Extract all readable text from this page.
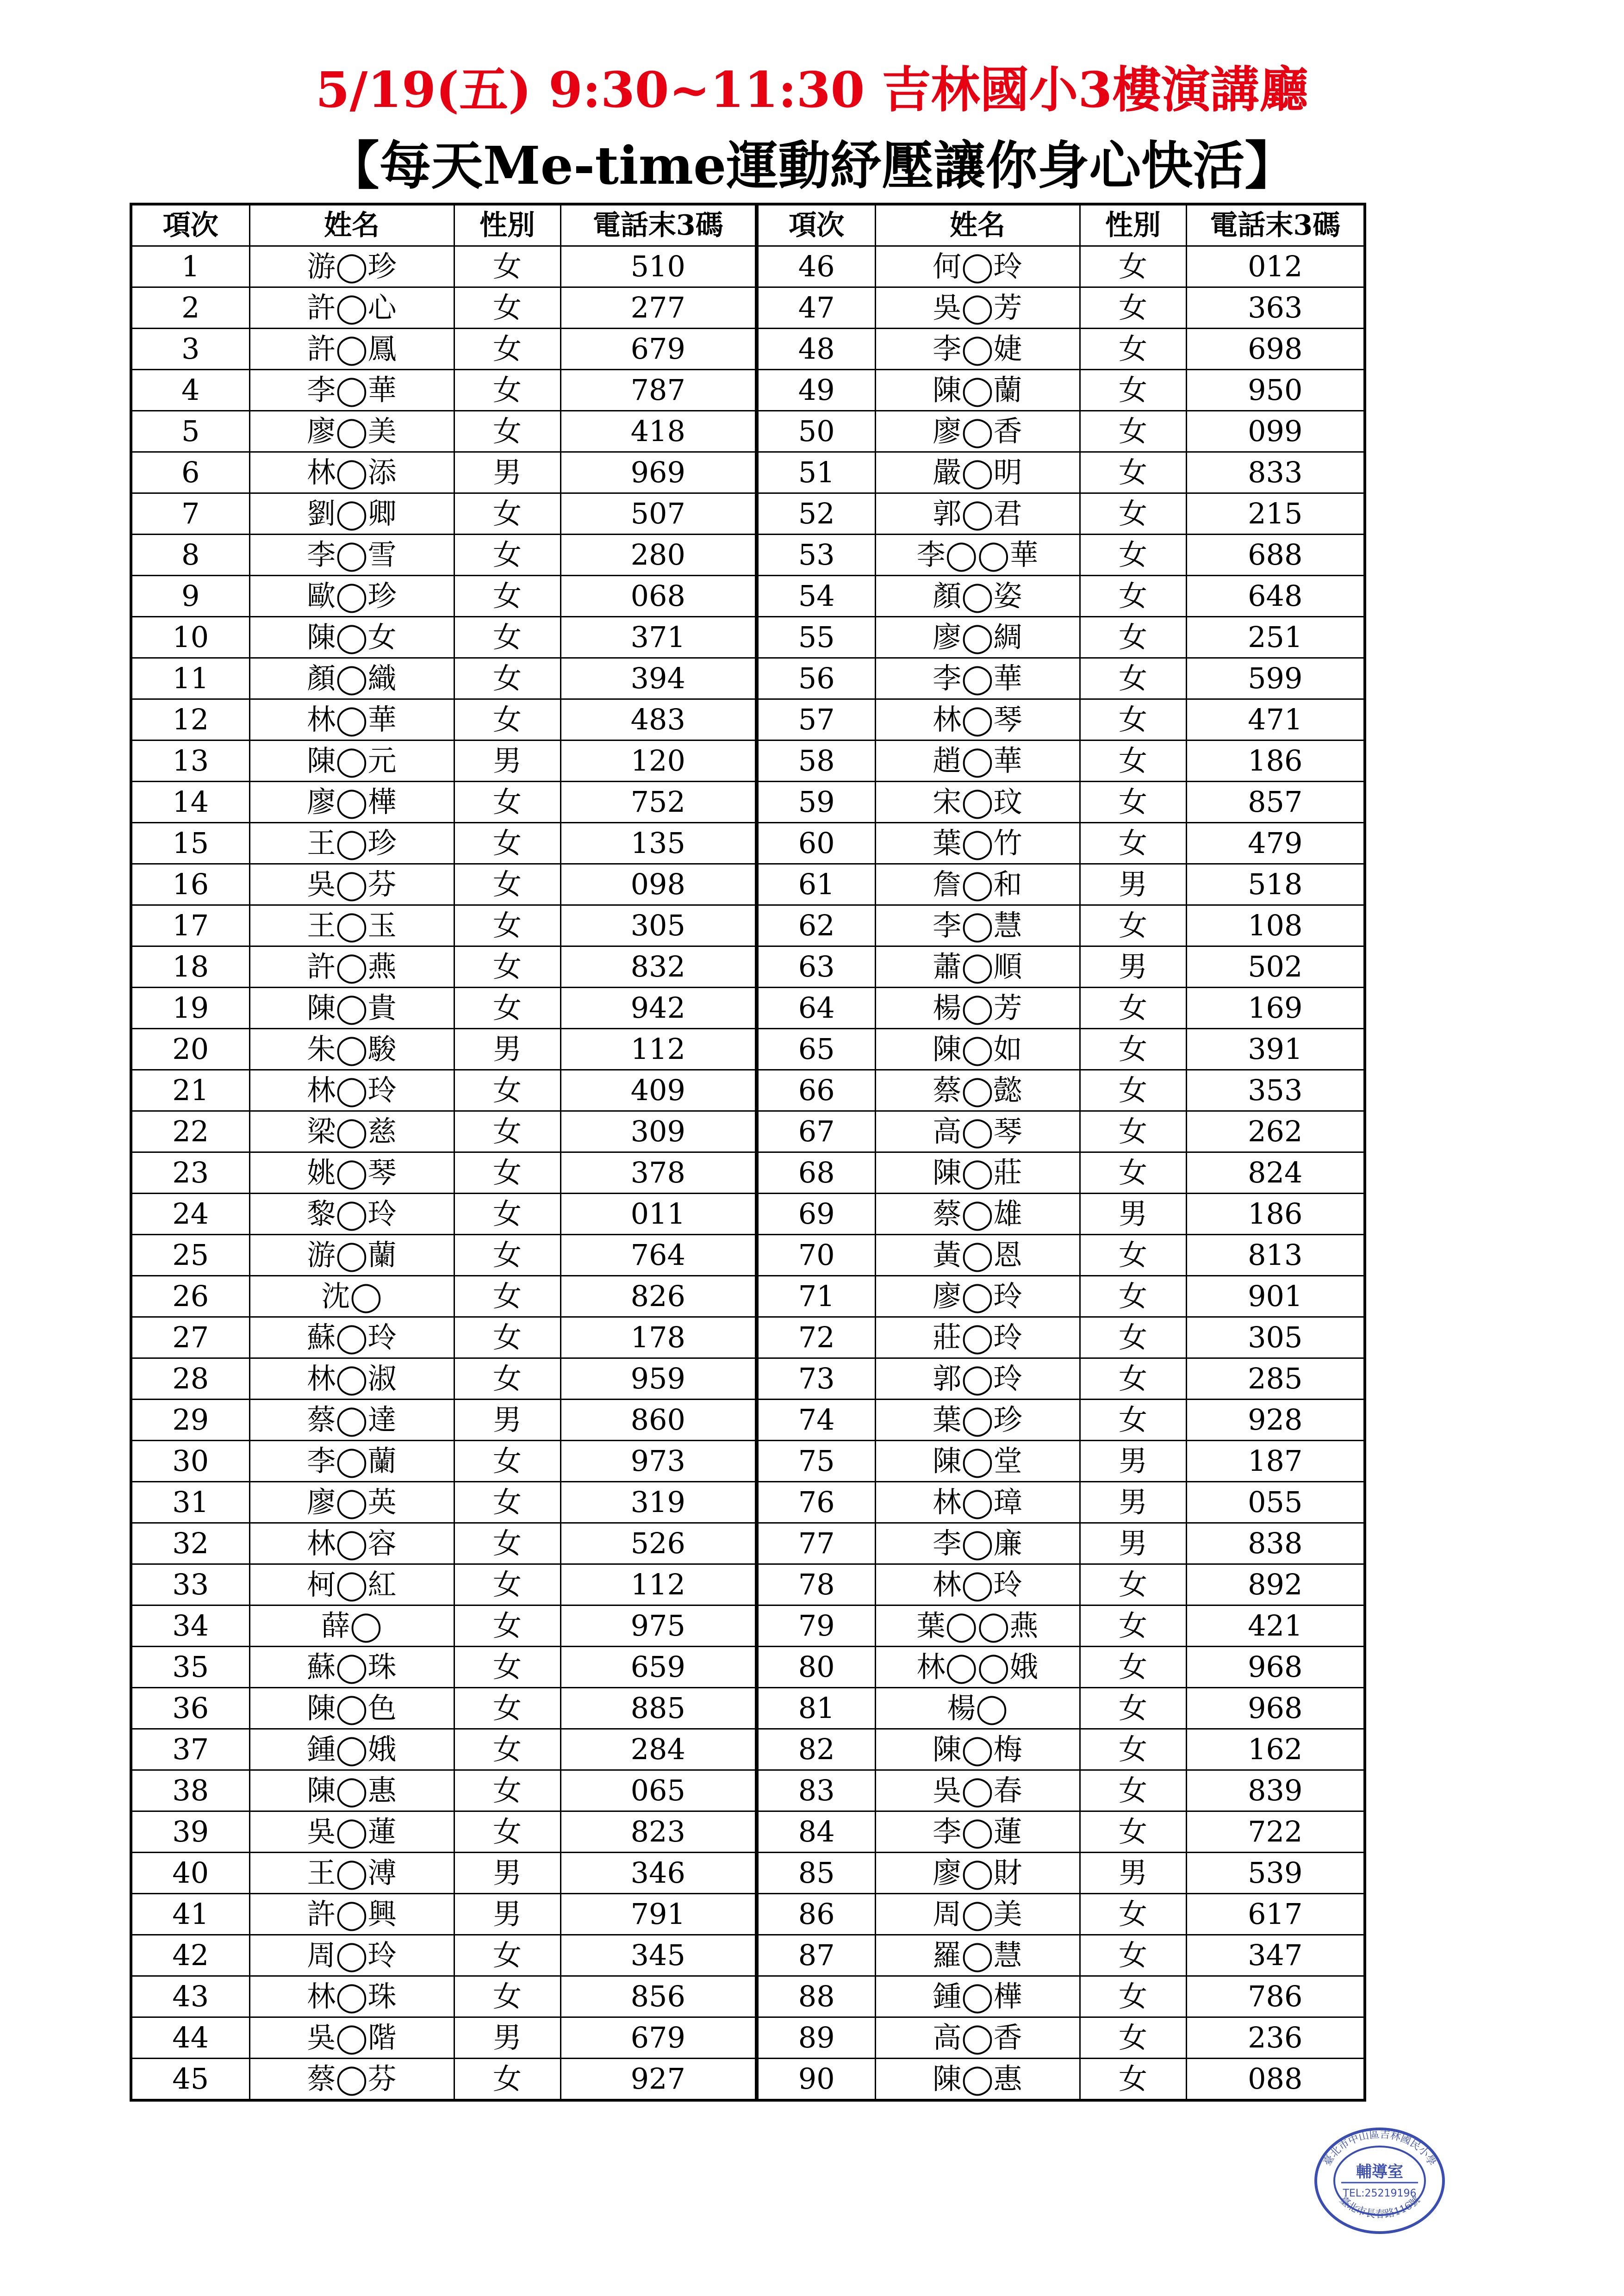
5/19(五) 9:30~11:30 吉林國小3樓演講廳
【每天Me-time運動紓壓讓你身心快活】
項次	姓名	性別	電話末3碼	項次	姓名	性別	電話末3碼
1	游◯珍	女	510	46	何◯玲	女	012
2	許◯心	女	277	47	吳◯芳	女	363
3	許◯鳳	女	679	48	李◯婕	女	698
4	李◯華	女	787	49	陳◯蘭	女	950
5	廖◯美	女	418	50	廖◯香	女	099
6	林◯添	男	969	51	嚴◯明	女	833
7	劉◯卿	女	507	52	郭◯君	女	215
8	李◯雪	女	280	53	李◯◯華	女	688
9	歐◯珍	女	068	54	顏◯姿	女	648
10	陳◯女	女	371	55	廖◯綢	女	251
11	顏◯織	女	394	56	李◯華	女	599
12	林◯華	女	483	57	林◯琴	女	471
13	陳◯元	男	120	58	趙◯華	女	186
14	廖◯樺	女	752	59	宋◯玟	女	857
15	王◯珍	女	135	60	葉◯竹	女	479
16	吳◯芬	女	098	61	詹◯和	男	518
17	王◯玉	女	305	62	李◯慧	女	108
18	許◯燕	女	832	63	蕭◯順	男	502
19	陳◯貴	女	942	64	楊◯芳	女	169
20	朱◯駿	男	112	65	陳◯如	女	391
21	林◯玲	女	409	66	蔡◯懿	女	353
22	梁◯慈	女	309	67	高◯琴	女	262
23	姚◯琴	女	378	68	陳◯莊	女	824
24	黎◯玲	女	011	69	蔡◯雄	男	186
25	游◯蘭	女	764	70	黃◯恩	女	813
26	沈◯	女	826	71	廖◯玲	女	901
27	蘇◯玲	女	178	72	莊◯玲	女	305
28	林◯淑	女	959	73	郭◯玲	女	285
29	蔡◯達	男	860	74	葉◯珍	女	928
30	李◯蘭	女	973	75	陳◯堂	男	187
31	廖◯英	女	319	76	林◯璋	男	055
32	林◯容	女	526	77	李◯廉	男	838
33	柯◯紅	女	112	78	林◯玲	女	892
34	薛◯	女	975	79	葉◯◯燕	女	421
35	蘇◯珠	女	659	80	林◯◯娥	女	968
36	陳◯色	女	885	81	楊◯	女	968
37	鍾◯娥	女	284	82	陳◯梅	女	162
38	陳◯惠	女	065	83	吳◯春	女	839
39	吳◯蓮	女	823	84	李◯蓮	女	722
40	王◯溥	男	346	85	廖◯財	男	539
41	許◯興	男	791	86	周◯美	女	617
42	周◯玲	女	345	87	羅◯慧	女	347
43	林◯珠	女	856	88	鍾◯樺	女	786
44	吳◯階	男	679	89	高◯香	女	236
45	蔡◯芬	女	927	90	陳◯惠	女	088
臺北市中山區吉林國民小學
臺北市長春路116號
輔導室
TEL:25219196
